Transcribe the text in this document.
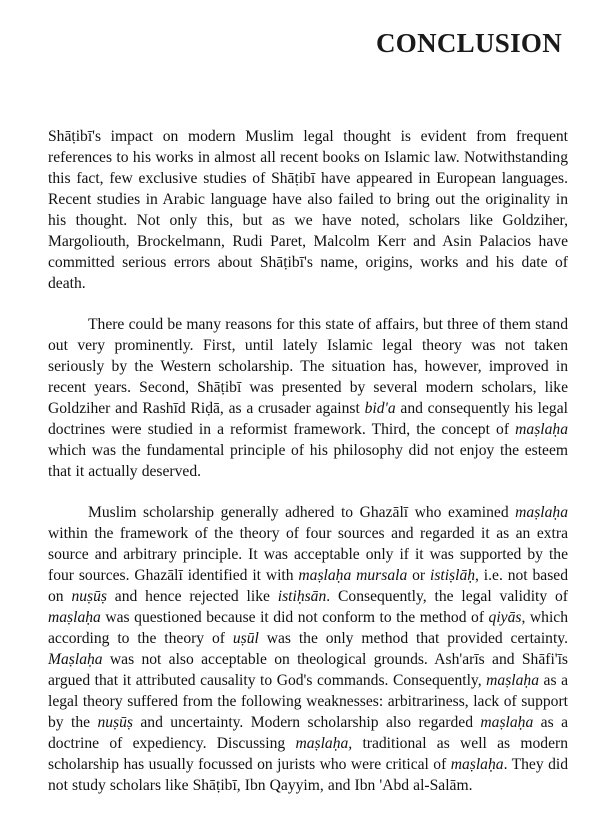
CONCLUSION

Shāṭibī's impact on modern Muslim legal thought is evident from frequent references to his works in almost all recent books on Islamic law. Notwithstanding this fact, few exclusive studies of Shāṭibī have appeared in European languages. Recent studies in Arabic language have also failed to bring out the originality in his thought. Not only this, but as we have noted, scholars like Goldziher, Margoliouth, Brockelmann, Rudi Paret, Malcolm Kerr and Asin Palacios have committed serious errors about Shāṭibī's name, origins, works and his date of death.

There could be many reasons for this state of affairs, but three of them stand out very prominently. First, until lately Islamic legal theory was not taken seriously by the Western scholarship. The situation has, however, improved in recent years. Second, Shāṭibī was presented by several modern scholars, like Goldziher and Rashīd Riḍā, as a crusader against bid'a and consequently his legal doctrines were studied in a reformist framework. Third, the concept of maṣlaḥa which was the fundamental principle of his philosophy did not enjoy the esteem that it actually deserved.

Muslim scholarship generally adhered to Ghazālī who examined maṣlaḥa within the framework of the theory of four sources and regarded it as an extra source and arbitrary principle. It was acceptable only if it was supported by the four sources. Ghazālī identified it with maṣlaḥa mursala or istiṣlāḥ, i.e. not based on nuṣūṣ and hence rejected like istiḥsān. Consequently, the legal validity of maṣlaḥa was questioned because it did not conform to the method of qiyās, which according to the theory of uṣūl was the only method that provided certainty. Maṣlaḥa was not also acceptable on theological grounds. Ash'arīs and Shāfi'īs argued that it attributed causality to God's commands. Consequently, maṣlaḥa as a legal theory suffered from the following weaknesses: arbitrariness, lack of support by the nuṣūṣ and uncertainty. Modern scholarship also regarded maṣlaḥa as a doctrine of expediency. Discussing maṣlaḥa, traditional as well as modern scholarship has usually focussed on jurists who were critical of maṣlaḥa. They did not study scholars like Shāṭibī, Ibn Qayyim, and Ibn 'Abd al-Salām.
